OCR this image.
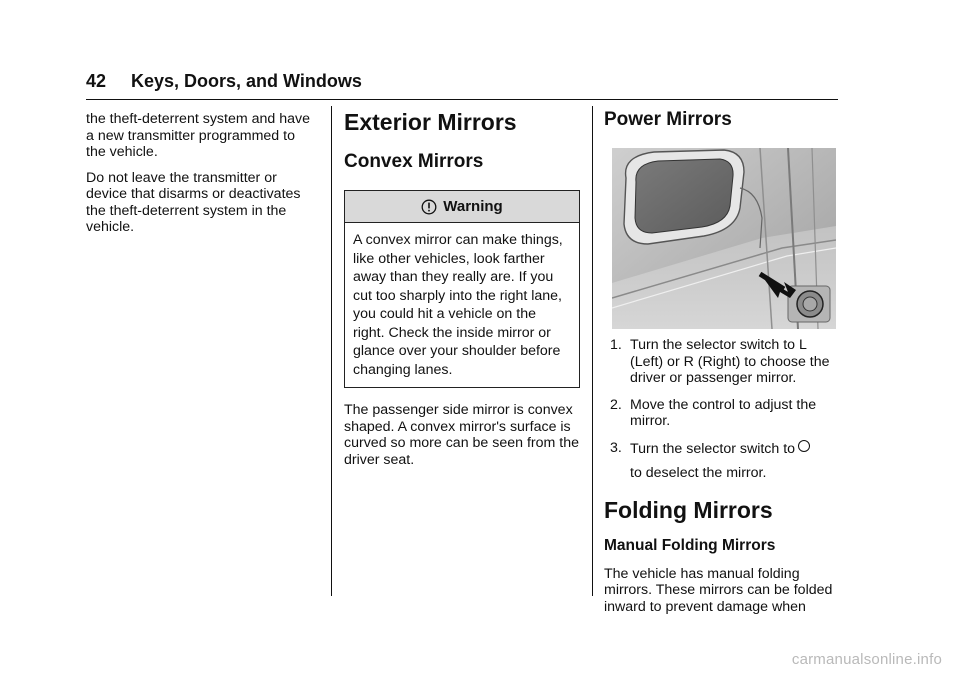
42 Keys, Doors, and Windows

the theft-deterrent system and have a new transmitter programmed to the vehicle.

Do not leave the transmitter or device that disarms or deactivates the theft-deterrent system in the vehicle.

Exterior Mirrors
Convex Mirrors
Warning
A convex mirror can make things, like other vehicles, look farther away than they really are. If you cut too sharply into the right lane, you could hit a vehicle on the right. Check the inside mirror or glance over your shoulder before changing lanes.

The passenger side mirror is convex shaped. A convex mirror's surface is curved so more can be seen from the driver seat.

Power Mirrors
1. Turn the selector switch to L (Left) or R (Right) to choose the driver or passenger mirror.
2. Move the control to adjust the mirror.
3. Turn the selector switch to
to deselect the mirror.
Folding Mirrors
Manual Folding Mirrors

The vehicle has manual folding mirrors. These mirrors can be folded inward to prevent damage when

carmanualsonline.info
